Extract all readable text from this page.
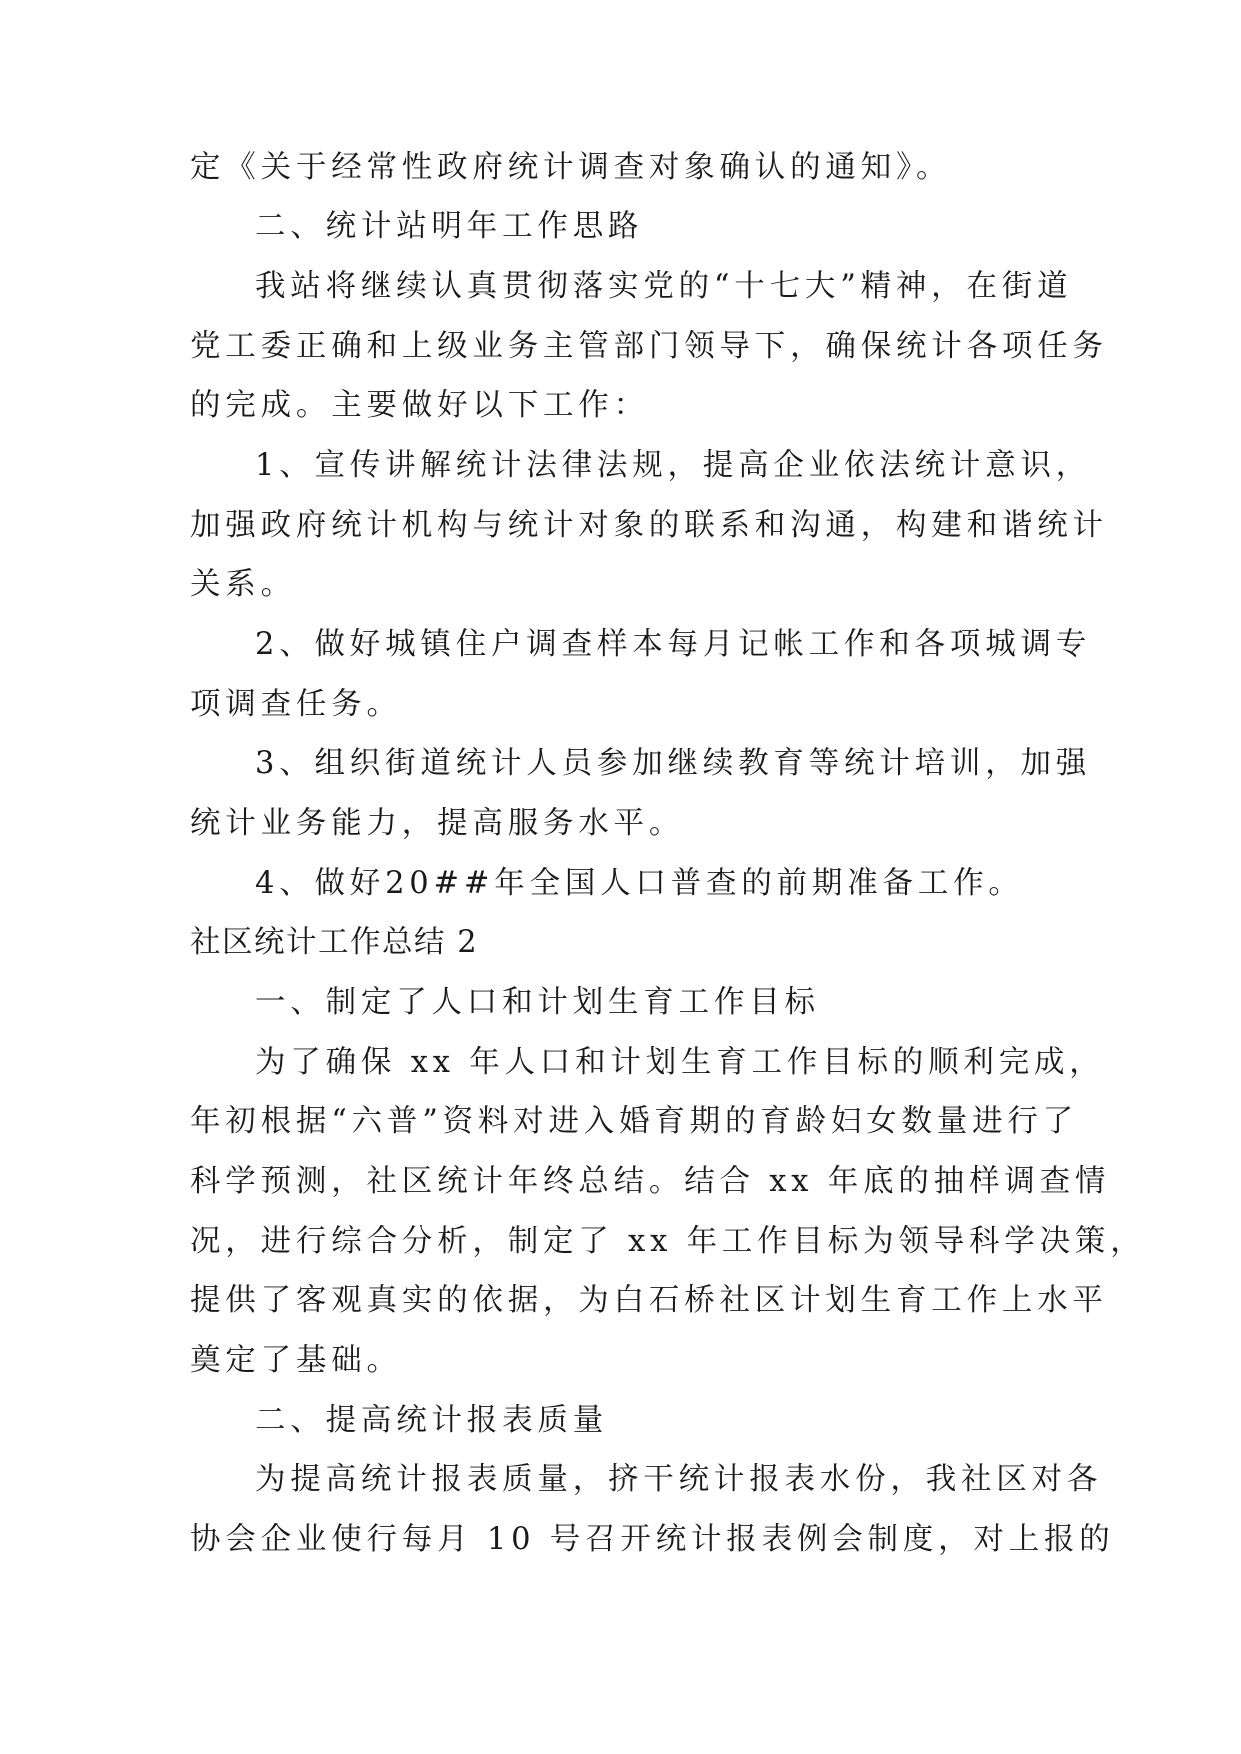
定《关于经常性政府统计调查对象确认的通知》。
二、统计站明年工作思路
我站将继续认真贯彻落实党的“十七大”精神，在街道
党工委正确和上级业务主管部门领导下，确保统计各项任务
的完成。主要做好以下工作：
1、宣传讲解统计法律法规，提高企业依法统计意识，
加强政府统计机构与统计对象的联系和沟通，构建和谐统计
关系。
2、做好城镇住户调查样本每月记帐工作和各项城调专
项调查任务。
3、组织街道统计人员参加继续教育等统计培训，加强
统计业务能力，提高服务水平。
4、做好20##年全国人口普查的前期准备工作。
社区统计工作总结 2
一、制定了人口和计划生育工作目标
为了确保 xx 年人口和计划生育工作目标的顺利完成，
年初根据“六普”资料对进入婚育期的育龄妇女数量进行了
科学预测，社区统计年终总结。结合 xx 年底的抽样调查情
况，进行综合分析，制定了 xx 年工作目标为领导科学决策，
提供了客观真实的依据，为白石桥社区计划生育工作上水平
奠定了基础。
二、提高统计报表质量
为提高统计报表质量，挤干统计报表水份，我社区对各
协会企业使行每月 10 号召开统计报表例会制度，对上报的
